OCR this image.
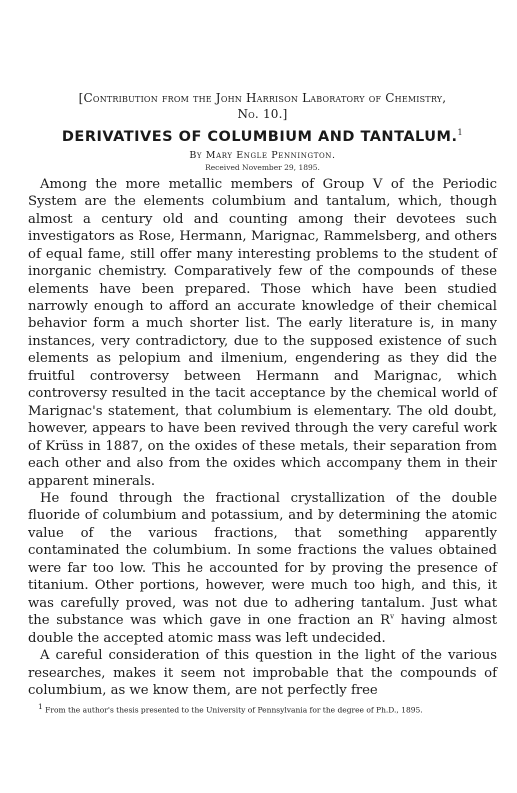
[Contribution from the John Harrison Laboratory of Chemistry,
No. 10.]
DERIVATIVES OF COLUMBIUM AND TANTALUM.$^1$
By Mary Engle Pennington.
Received November 29, 1895.

Among the more metallic members of Group V of the Periodic System are the elements columbium and tantalum, which, though almost a century old and counting among their devotees such investigators as Rose, Hermann, Marignac, Rammelsberg, and others of equal fame, still offer many interesting problems to the student of inorganic chemistry. Comparatively few of the compounds of these elements have been prepared. Those which have been studied narrowly enough to afford an accurate knowledge of their chemical behavior form a much shorter list. The early literature is, in many instances, very contradictory, due to the supposed existence of such elements as pelopium and ilmenium, engendering as they did the fruitful controversy between Hermann and Marignac, which controversy resulted in the tacit acceptance by the chemical world of Marignac's statement, that columbium is elementary. The old doubt, however, appears to have been revived through the very careful work of Krüss in 1887, on the oxides of these metals, their separation from each other and also from the oxides which accompany them in their apparent minerals.

He found through the fractional crystallization of the double fluoride of columbium and potassium, and by determining the atomic value of the various fractions, that something apparently contaminated the columbium. In some fractions the values obtained were far too low. This he accounted for by proving the presence of titanium. Other portions, however, were much too high, and this, it was carefully proved, was not due to adhering tantalum. Just what the substance was which gave in one fraction an $R^v$ having almost double the accepted atomic mass was left undecided.

A careful consideration of this question in the light of the various researches, makes it seem not improbable that the compounds of columbium, as we know them, are not perfectly free

$^1$ From the author's thesis presented to the University of Pennsylvania for the degree of Ph.D., 1895.
